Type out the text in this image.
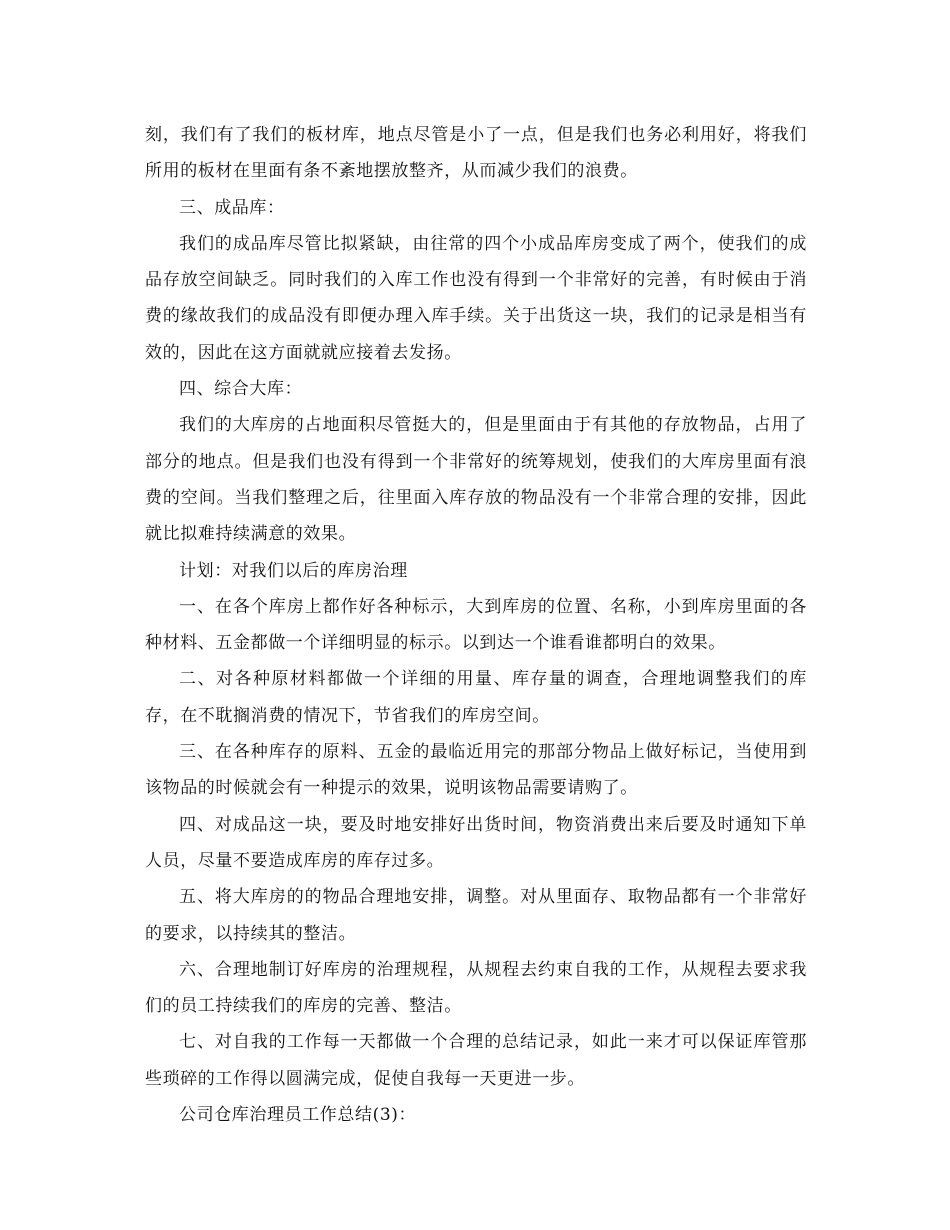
刻，我们有了我们的板材库，地点尽管是小了一点，但是我们也务必利用好，将我们所用的板材在里面有条不紊地摆放整齐，从而减少我们的浪费。

三、成品库：

我们的成品库尽管比拟紧缺，由往常的四个小成品库房变成了两个，使我们的成品存放空间缺乏。同时我们的入库工作也没有得到一个非常好的完善，有时候由于消费的缘故我们的成品没有即便办理入库手续。关于出货这一块，我们的记录是相当有效的，因此在这方面就就应接着去发扬。

四、综合大库：

我们的大库房的占地面积尽管挺大的，但是里面由于有其他的存放物品，占用了部分的地点。但是我们也没有得到一个非常好的统筹规划，使我们的大库房里面有浪费的空间。当我们整理之后，往里面入库存放的物品没有一个非常合理的安排，因此就比拟难持续满意的效果。

计划：对我们以后的库房治理

一、在各个库房上都作好各种标示，大到库房的位置、名称，小到库房里面的各种材料、五金都做一个详细明显的标示。以到达一个谁看谁都明白的效果。

二、对各种原材料都做一个详细的用量、库存量的调查，合理地调整我们的库存，在不耽搁消费的情况下，节省我们的库房空间。

三、在各种库存的原料、五金的最临近用完的那部分物品上做好标记，当使用到该物品的时候就会有一种提示的效果，说明该物品需要请购了。

四、对成品这一块，要及时地安排好出货时间，物资消费出来后要及时通知下单人员，尽量不要造成库房的库存过多。

五、将大库房的的物品合理地安排，调整。对从里面存、取物品都有一个非常好的要求，以持续其的整洁。

六、合理地制订好库房的治理规程，从规程去约束自我的工作，从规程去要求我们的员工持续我们的库房的完善、整洁。

七、对自我的工作每一天都做一个合理的总结记录，如此一来才可以保证库管那些琐碎的工作得以圆满完成，促使自我每一天更进一步。

公司仓库治理员工作总结(3)：
